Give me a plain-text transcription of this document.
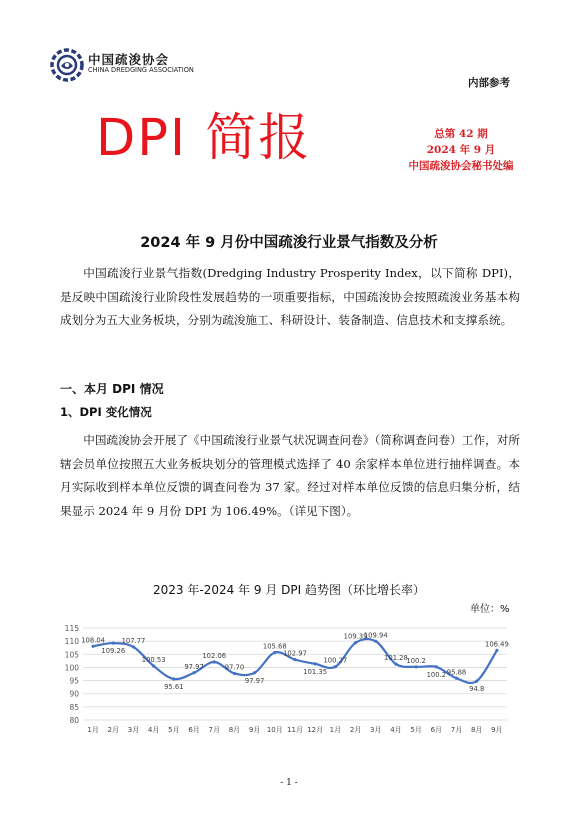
中国疏浚协会
CHINA DREDGING ASSOCIATION
内部参考
DPI 简报	总第 42 期
2024 年 9 月
中国疏浚协会秘书处编
2024 年 9 月份中国疏浚行业景气指数及分析
中国疏浚行业景气指数(Dredging Industry Prosperity Index，以下简称 DPI)，是反映中国疏浚行业阶段性发展趋势的一项重要指标，中国疏浚协会按照疏浚业务基本构成划分为五大业务板块，分别为疏浚施工、科研设计、装备制造、信息技术和支撑系统。
一、本月 DPI 情况
1、DPI 变化情况
中国疏浚协会开展了《中国疏浚行业景气状况调查问卷》（简称调查问卷）工作，对所辖会员单位按照五大业务板块划分的管理模式选择了 40 余家样本单位进行抽样调查。本月实际收到样本单位反馈的调查问卷为 37 家。经过对样本单位反馈的信息归集分析，结果显示 2024 年 9 月份 DPI 为 106.49%。（详见下图）。
2023 年-2024 年 9 月 DPI 趋势图（环比增长率）
单位：%
80
85
90
95
100
105
110
115
108.04
1月
109.26
2月
107.77
3月
100.53
4月
95.61
5月
97.97
6月
102.06
7月
97.70
8月
97.97
9月
105.68
10月
102.97
11月
101.35
12月
100.27
1月
109.39
2月
109.94
3月
101.28
4月
100.2
5月
100.2
6月
95.88
7月
94.8
8月
106.49
9月
- 1 -
